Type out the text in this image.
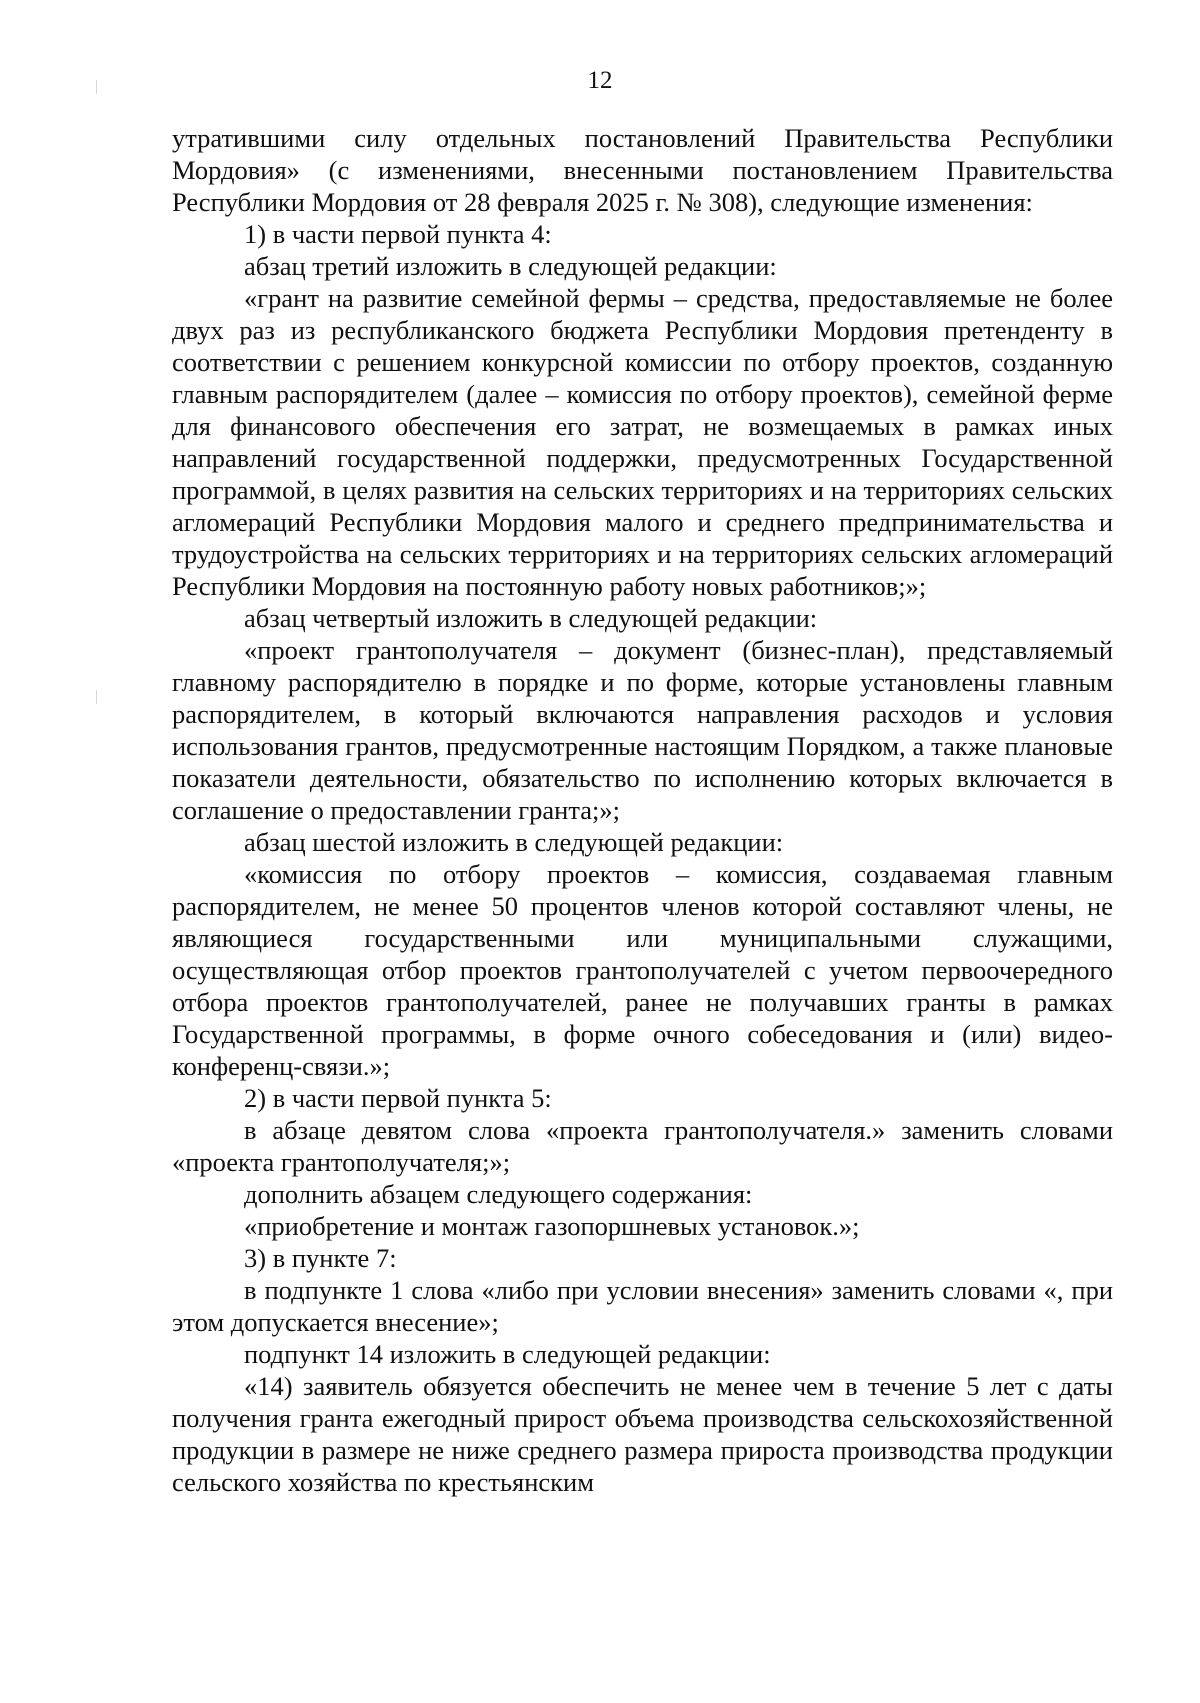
12

утратившими силу отдельных постановлений Правительства Республики Мордовия» (с изменениями, внесенными постановлением Правительства Республики Мордовия от 28 февраля 2025 г. № 308), следующие изменения:

1) в части первой пункта 4:

абзац третий изложить в следующей редакции:

«грант на развитие семейной фермы – средства, предоставляемые не более двух раз из республиканского бюджета Республики Мордовия претенденту в соответствии с решением конкурсной комиссии по отбору проектов, созданную главным распорядителем (далее – комиссия по отбору проектов), семейной ферме для финансового обеспечения его затрат, не возмещаемых в рамках иных направлений государственной поддержки, предусмотренных Государственной программой, в целях развития на сельских территориях и на территориях сельских агломераций Республики Мордовия малого и среднего предпринимательства и трудоустройства на сельских территориях и на территориях сельских агломераций Республики Мордовия на постоянную работу новых работников;»;

абзац четвертый изложить в следующей редакции:

«проект грантополучателя – документ (бизнес-план), представляемый главному распорядителю в порядке и по форме, которые установлены главным распорядителем, в который включаются направления расходов и условия использования грантов, предусмотренные настоящим Порядком, а также плановые показатели деятельности, обязательство по исполнению которых включается в соглашение о предоставлении гранта;»;

абзац шестой изложить в следующей редакции:

«комиссия по отбору проектов – комиссия, создаваемая главным распорядителем, не менее 50 процентов членов которой составляют члены, не являющиеся государственными или муниципальными служащими, осуществляющая отбор проектов грантополучателей с учетом первоочередного отбора проектов грантополучателей, ранее не получавших гранты в рамках Государственной программы, в форме очного собеседования и (или) видео-конференц-связи.»;

2) в части первой пункта 5:

в абзаце девятом слова «проекта грантополучателя.» заменить словами «проекта грантополучателя;»;

дополнить абзацем следующего содержания:

«приобретение и монтаж газопоршневых установок.»;

3) в пункте 7:

в подпункте 1 слова «либо при условии внесения» заменить словами «, при этом допускается внесение»;

подпункт 14 изложить в следующей редакции:

«14) заявитель обязуется обеспечить не менее чем в течение 5 лет с даты получения гранта ежегодный прирост объема производства сельскохозяйственной продукции в размере не ниже среднего размера прироста производства продукции сельского хозяйства по крестьянским
